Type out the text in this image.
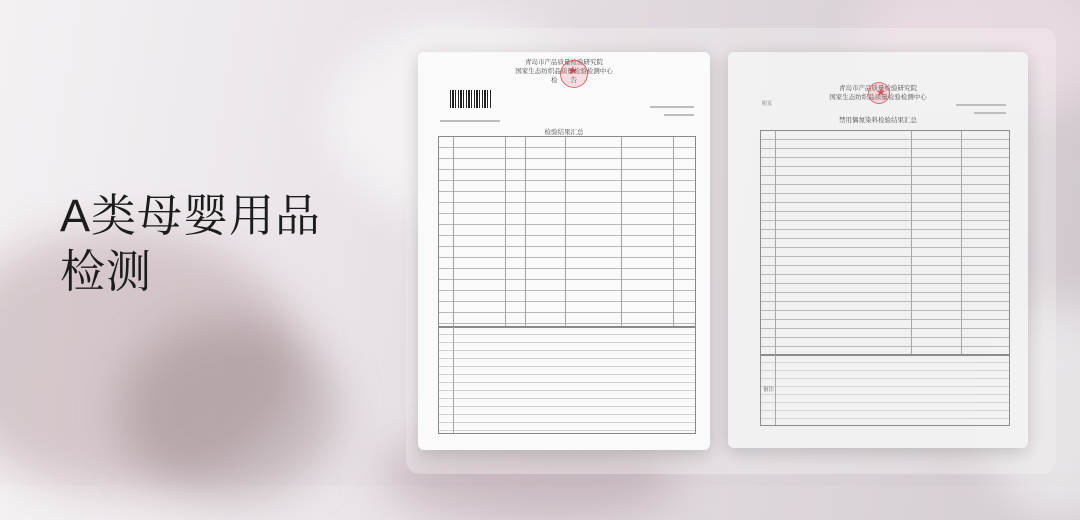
A类母婴用品
检测
青岛市产品质量检验研究院
国家生态纺织品质量检验检测中心
检　　告
★
检验结果汇总
青岛市产品质量检验研究院
国家生态纺织品质量检验检测中心
★
附页
禁用偶氮染料检验结果汇总
备注
